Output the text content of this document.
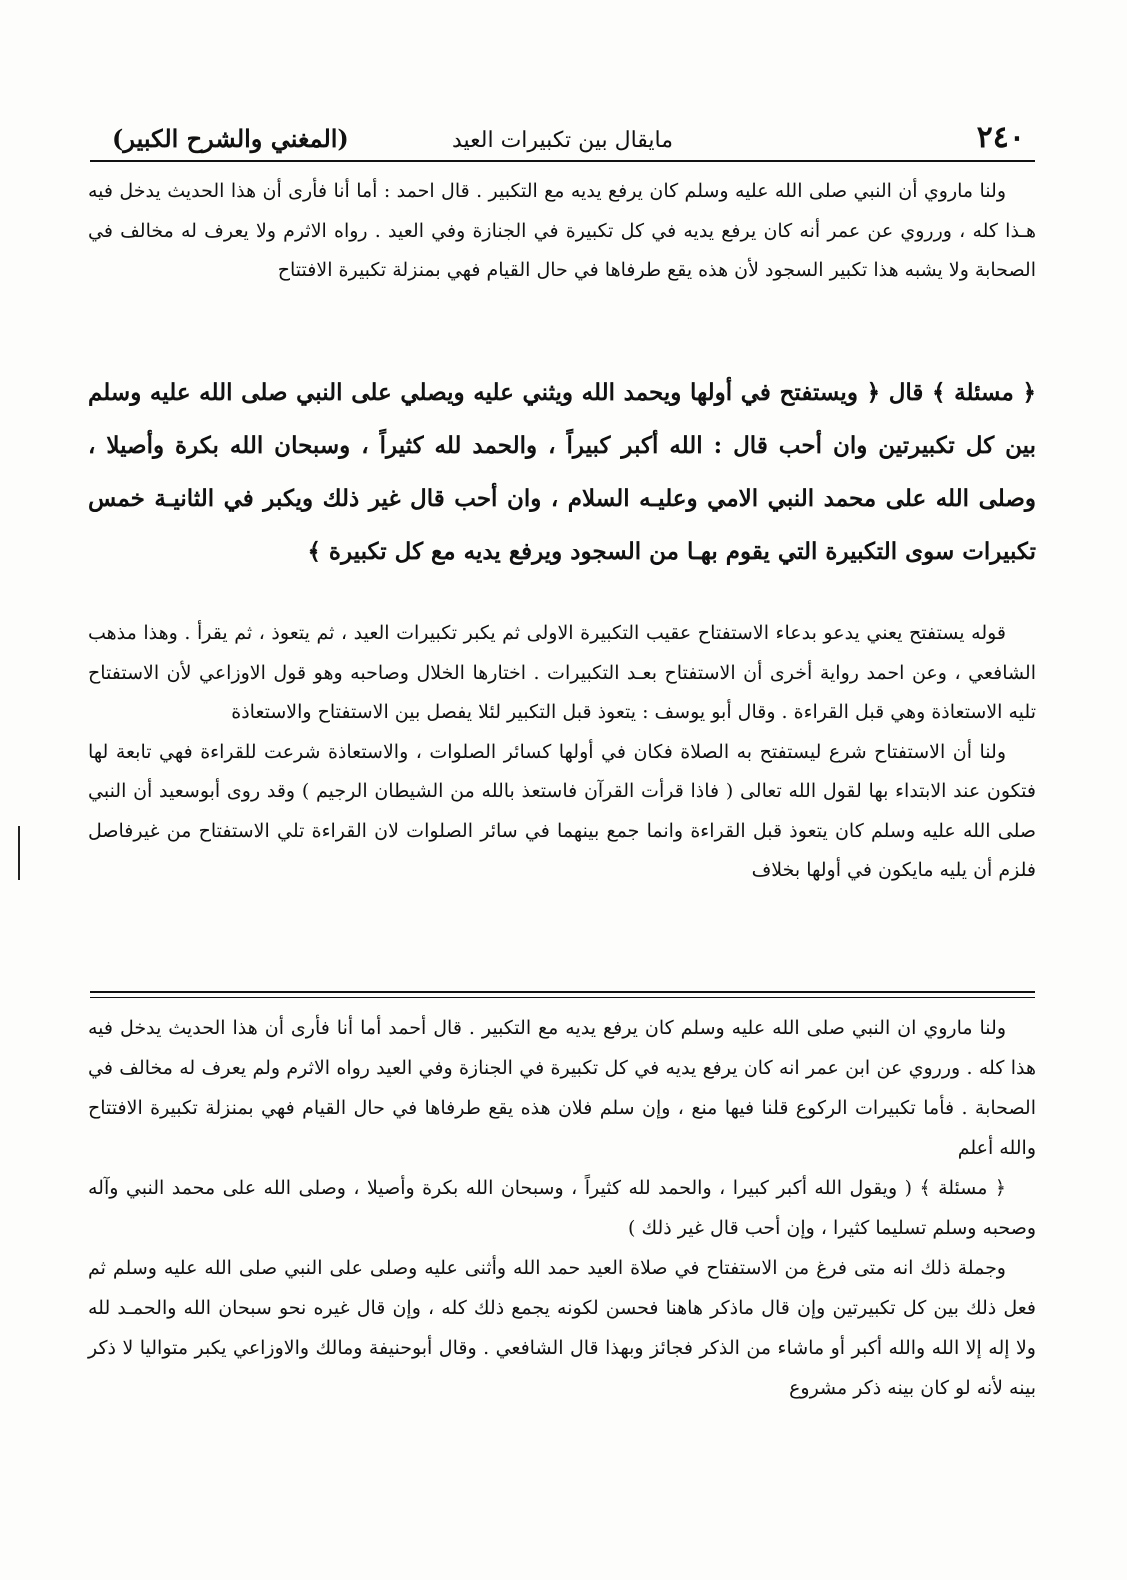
٢٤٠
مايقال بين تكبيرات العيد
(المغني والشرح الكبير)

ولنا ماروي أن النبي صلى الله عليه وسلم كان يرفع يديه مع التكبير . قال احمد : أما أنا فأرى أن هذا الحديث يدخل فيه هـذا كله ، ورروي عن عمر أنه كان يرفع يديه في كل تكبيرة في الجنازة وفي العيد . رواه الاثرم ولا يعرف له مخالف في الصحابة ولا يشبه هذا تكبير السجود لأن هذه يقع طرفاها في حال القيام فهي بمنزلة تكبيرة الافتتاح

﴿ مسئلة ﴾ قال ﴿ ويستفتح في أولها ويحمد الله ويثني عليه ويصلي على النبي صلى الله عليه وسلم بين كل تكبيرتين وان أحب قال : الله أكبر كبيراً ، والحمد لله كثيراً ، وسبحان الله بكرة وأصيلا ، وصلى الله على محمد النبي الامي وعليـه السلام ، وان أحب قال غير ذلك ويكبر في الثانيـة خمس تكبيرات سوى التكبيرة التي يقوم بهـا من السجود ويرفع يديه مع كل تكبيرة ﴾

قوله يستفتح يعني يدعو بدعاء الاستفتاح عقيب التكبيرة الاولى ثم يكبر تكبيرات العيد ، ثم يتعوذ ، ثم يقرأ . وهذا مذهب الشافعي ، وعن احمد رواية أخرى أن الاستفتاح بعـد التكبيرات . اختارها الخلال وصاحبه وهو قول الاوزاعي لأن الاستفتاح تليه الاستعاذة وهي قبل القراءة . وقال أبو يوسف : يتعوذ قبل التكبير لئلا يفصل بين الاستفتاح والاستعاذة

ولنا أن الاستفتاح شرع ليستفتح به الصلاة فكان في أولها كسائر الصلوات ، والاستعاذة شرعت للقراءة فهي تابعة لها فتكون عند الابتداء بها لقول الله تعالى ( فاذا قرأت القرآن فاستعذ بالله من الشيطان الرجيم ) وقد روى أبوسعيد أن النبي صلى الله عليه وسلم كان يتعوذ قبل القراءة وانما جمع بينهما في سائر الصلوات لان القراءة تلي الاستفتاح من غيرفاصل فلزم أن يليه مايكون في أولها بخلاف

ولنا ماروي ان النبي صلى الله عليه وسلم كان يرفع يديه مع التكبير . قال أحمد أما أنا فأرى أن هذا الحديث يدخل فيه هذا كله . ورروي عن ابن عمر انه كان يرفع يديه في كل تكبيرة في الجنازة وفي العيد رواه الاثرم ولم يعرف له مخالف في الصحابة . فأما تكبيرات الركوع قلنا فيها منع ، وإن سلم فلان هذه يقع طرفاها في حال القيام فهي بمنزلة تكبيرة الافتتاح والله أعلم

﴿ مسئلة ﴾ ( ويقول الله أكبر كبيرا ، والحمد لله كثيراً ، وسبحان الله بكرة وأصيلا ، وصلى الله على محمد النبي وآله وصحبه وسلم تسليما كثيرا ، وإن أحب قال غير ذلك )

وجملة ذلك انه متى فرغ من الاستفتاح في صلاة العيد حمد الله وأثنى عليه وصلى على النبي صلى الله عليه وسلم ثم فعل ذلك بين كل تكبيرتين وإن قال ماذكر هاهنا فحسن لكونه يجمع ذلك كله ، وإن قال غيره نحو سبحان الله والحمـد لله ولا إله إلا الله والله أكبر أو ماشاء من الذكر فجائز وبهذا قال الشافعي . وقال أبوحنيفة ومالك والاوزاعي يكبر متواليا لا ذكر بينه لأنه لو كان بينه ذكر مشروع
